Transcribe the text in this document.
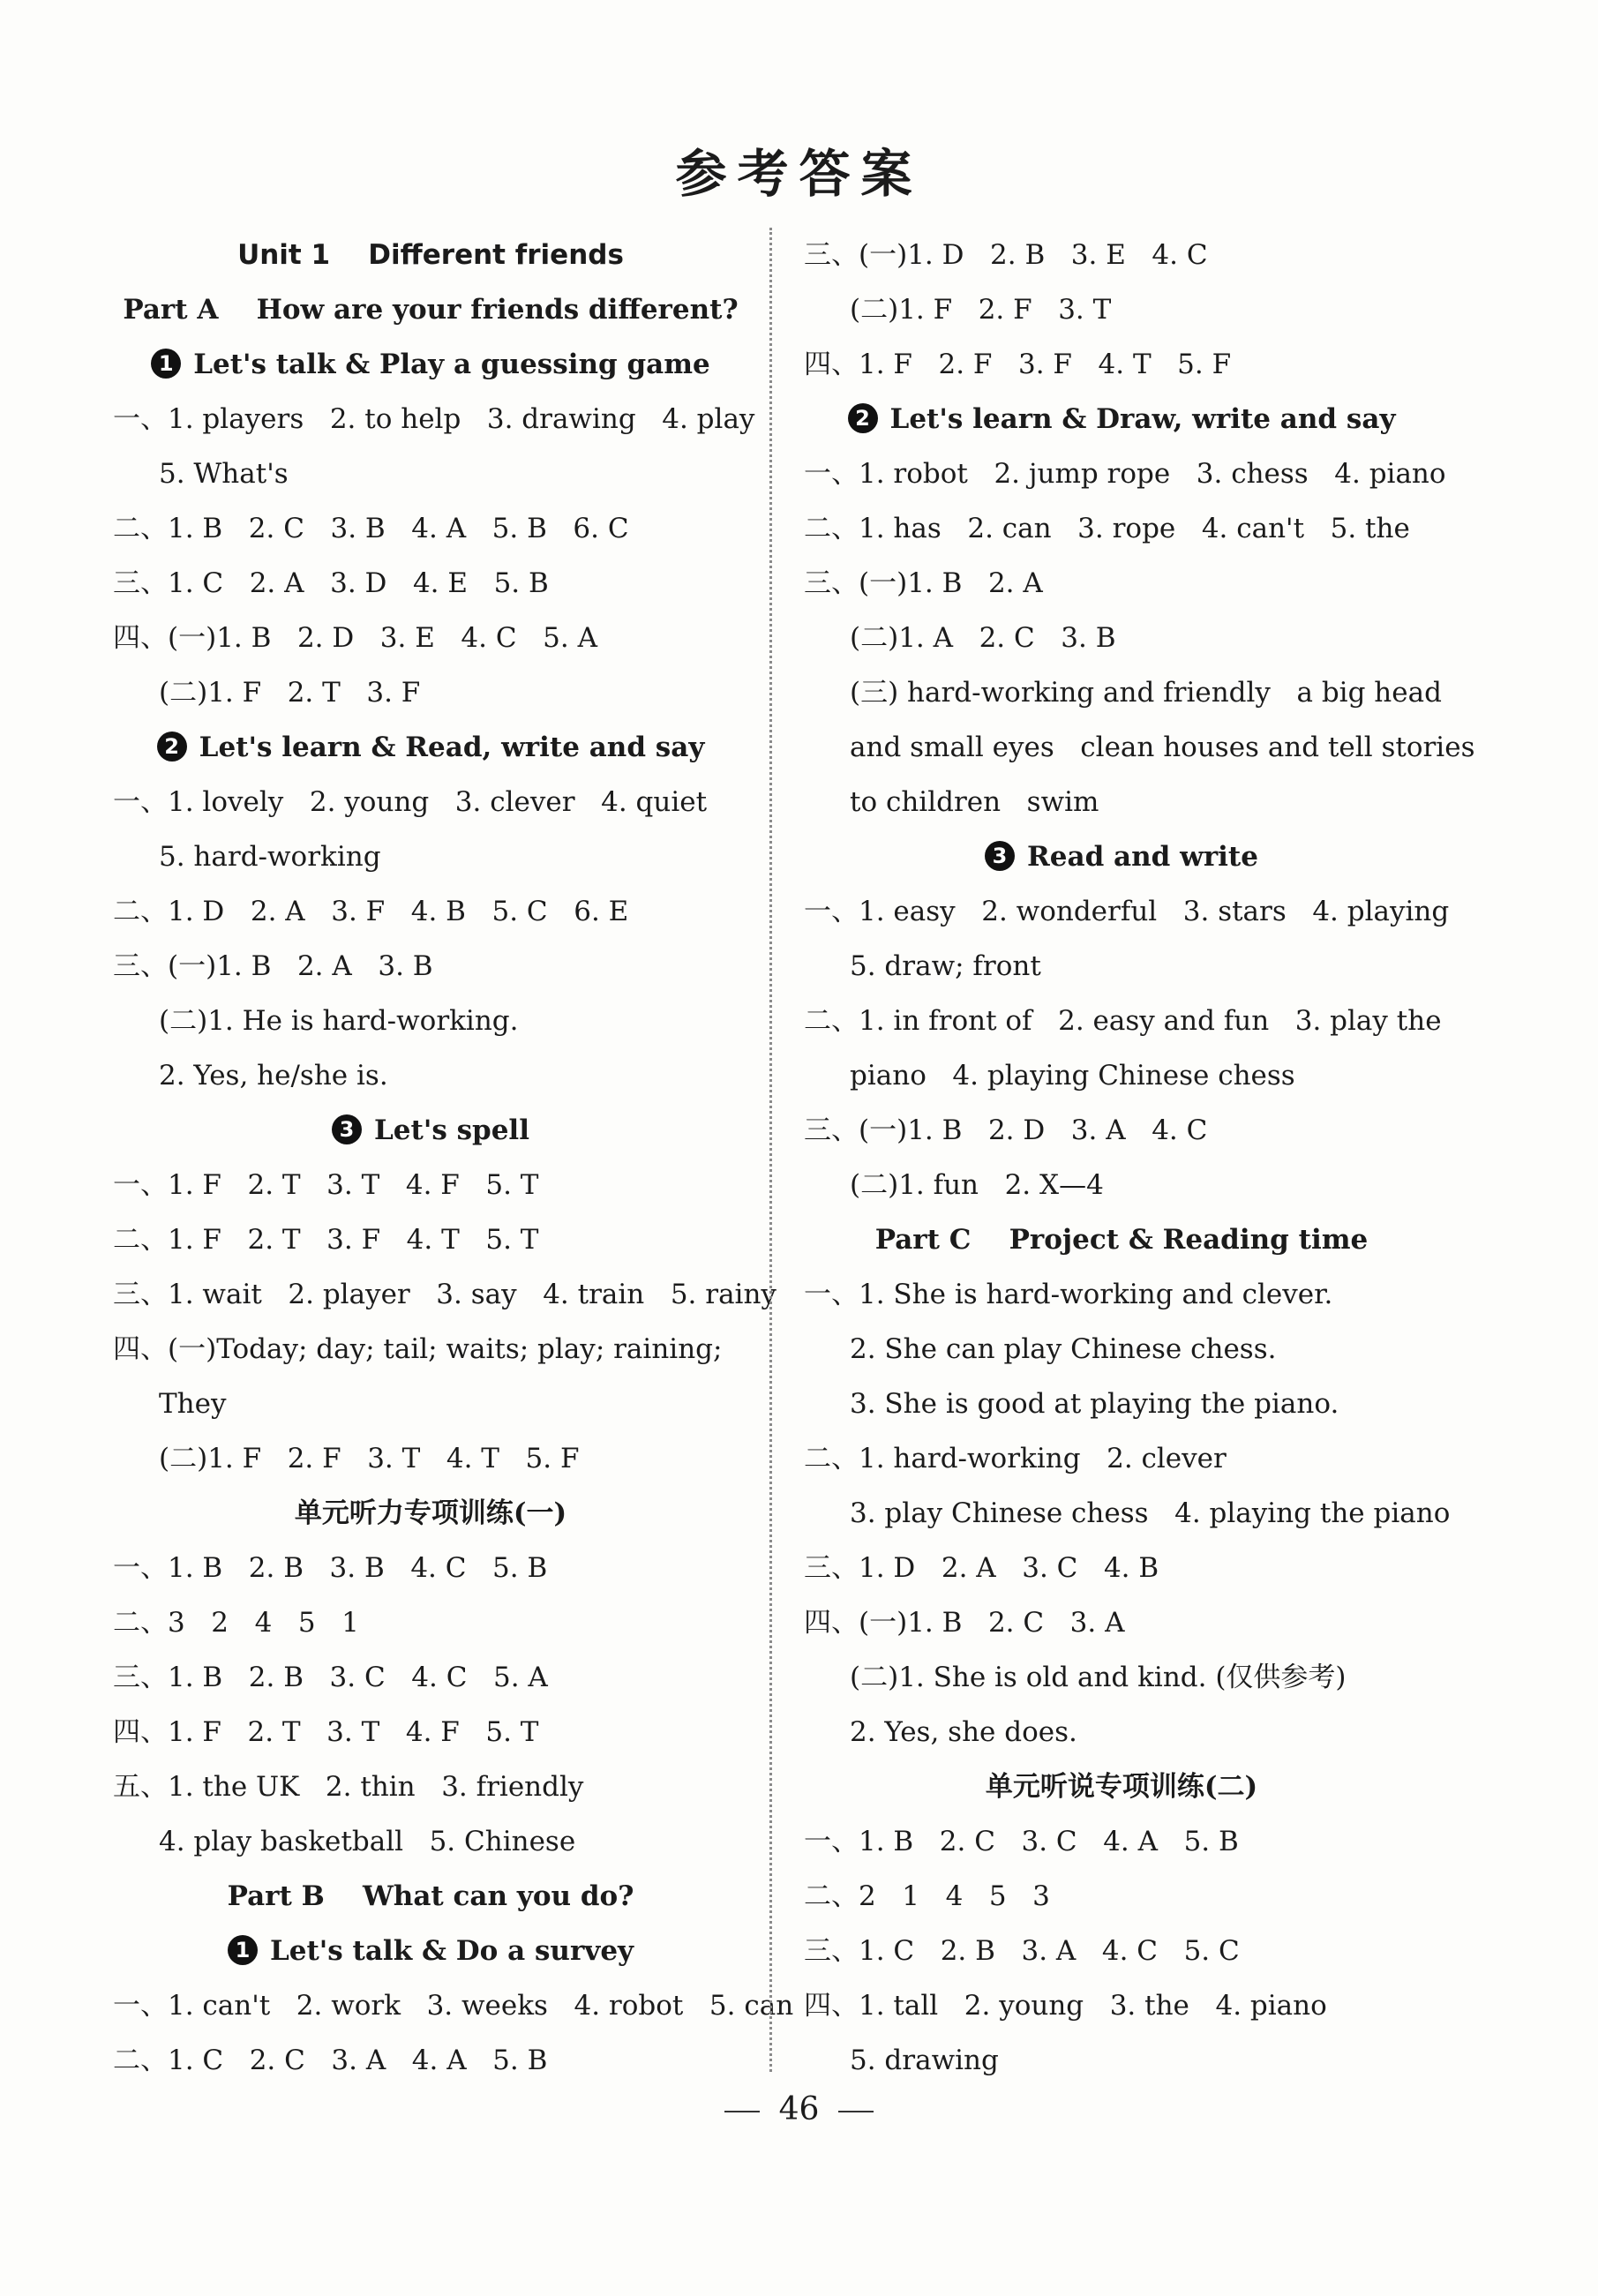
参考答案
Unit 1    Different friends
Part A    How are your friends different?
1 Let's talk & Play a guessing game
一、1. players   2. to help   3. drawing   4. play
5. What's
二、1. B   2. C   3. B   4. A   5. B   6. C
三、1. C   2. A   3. D   4. E   5. B
四、(一)1. B   2. D   3. E   4. C   5. A
(二)1. F   2. T   3. F
2 Let's learn & Read, write and say
一、1. lovely   2. young   3. clever   4. quiet
5. hard-working
二、1. D   2. A   3. F   4. B   5. C   6. E
三、(一)1. B   2. A   3. B
(二)1. He is hard-working.
2. Yes, he/she is.
3 Let's spell
一、1. F   2. T   3. T   4. F   5. T
二、1. F   2. T   3. F   4. T   5. T
三、1. wait   2. player   3. say   4. train   5. rainy
四、(一)Today; day; tail; waits; play; raining;
They
(二)1. F   2. F   3. T   4. T   5. F
单元听力专项训练(一)
一、1. B   2. B   3. B   4. C   5. B
二、3   2   4   5   1
三、1. B   2. B   3. C   4. C   5. A
四、1. F   2. T   3. T   4. F   5. T
五、1. the UK   2. thin   3. friendly
4. play basketball   5. Chinese
Part B    What can you do?
1 Let's talk & Do a survey
一、1. can't   2. work   3. weeks   4. robot   5. can
二、1. C   2. C   3. A   4. A   5. B
三、(一)1. D   2. B   3. E   4. C
(二)1. F   2. F   3. T
四、1. F   2. F   3. F   4. T   5. F
2 Let's learn & Draw, write and say
一、1. robot   2. jump rope   3. chess   4. piano
二、1. has   2. can   3. rope   4. can't   5. the
三、(一)1. B   2. A
(二)1. A   2. C   3. B
(三) hard-working and friendly   a big head
and small eyes   clean houses and tell stories
to children   swim
3 Read and write
一、1. easy   2. wonderful   3. stars   4. playing
5. draw; front
二、1. in front of   2. easy and fun   3. play the
piano   4. playing Chinese chess
三、(一)1. B   2. D   3. A   4. C
(二)1. fun   2. X—4
Part C    Project & Reading time
一、1. She is hard-working and clever.
2. She can play Chinese chess.
3. She is good at playing the piano.
二、1. hard-working   2. clever
3. play Chinese chess   4. playing the piano
三、1. D   2. A   3. C   4. B
四、(一)1. B   2. C   3. A
(二)1. She is old and kind. (仅供参考)
2. Yes, she does.
单元听说专项训练(二)
一、1. B   2. C   3. C   4. A   5. B
二、2   1   4   5   3
三、1. C   2. B   3. A   4. C   5. C
四、1. tall   2. young   3. the   4. piano
5. drawing
46
